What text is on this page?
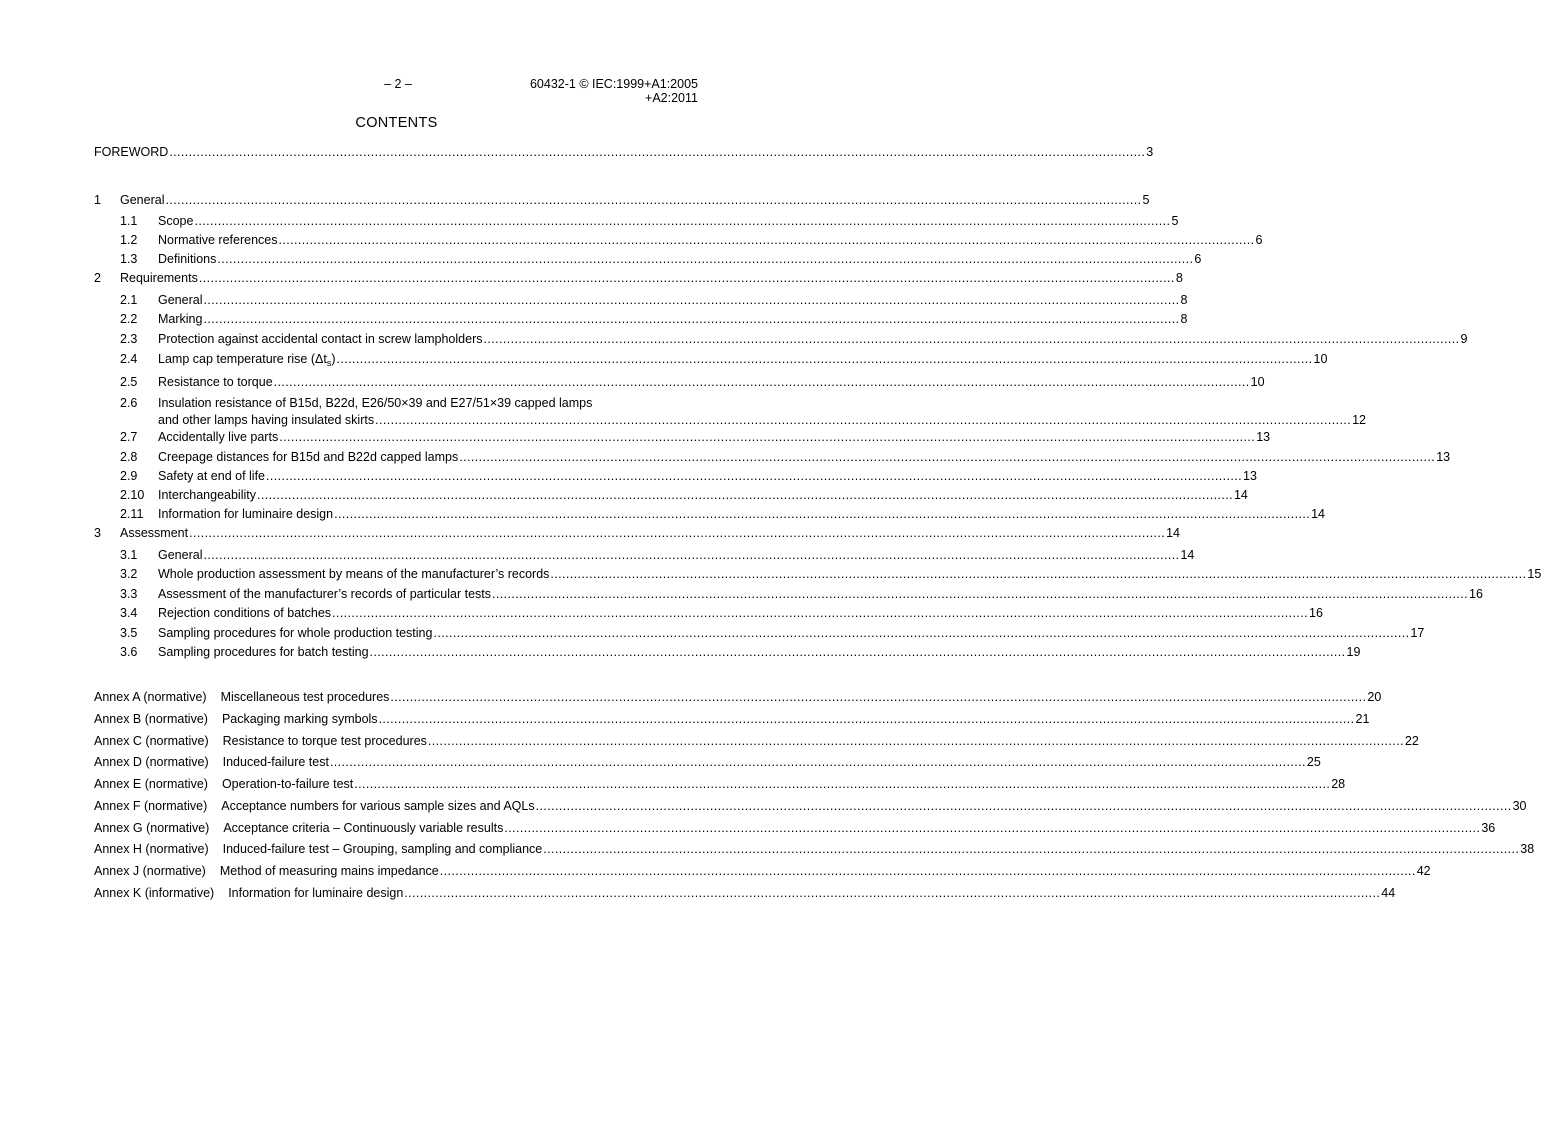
– 2 –	60432-1 © IEC:1999+A1:2005
+A2:2011
CONTENTS
FOREWORD .....	3
1	General .....	5
1.1	Scope .....	5
1.2	Normative references .....	6
1.3	Definitions .....	6
2	Requirements .....	8
2.1	General .....	8
2.2	Marking .....	8
2.3	Protection against accidental contact in screw lampholders .....	9
2.4	Lamp cap temperature rise $(\Delta t_s)$ .....	10
2.5	Resistance to torque .....	10
2.6	Insulation resistance of B15d, B22d, E26/50×39 and E27/51×39 capped lamps
and other lamps having insulated skirts .....	12
2.7	Accidentally live parts .....	13
2.8	Creepage distances for B15d and B22d capped lamps .....	13
2.9	Safety at end of life .....	13
2.10	Interchangeability .....	14
2.11	Information for luminaire design .....	14
3	Assessment .....	14
3.1	General .....	14
3.2	Whole production assessment by means of the manufacturer’s records .....	15
3.3	Assessment of the manufacturer’s records of particular tests .....	16
3.4	Rejection conditions of batches .....	16
3.5	Sampling procedures for whole production testing .....	17
3.6	Sampling procedures for batch testing .....	19
Annex A (normative) Miscellaneous test procedures .....	20
Annex B (normative) Packaging marking symbols .....	21
Annex C (normative) Resistance to torque test procedures .....	22
Annex D (normative) Induced-failure test .....	25
Annex E (normative) Operation-to-failure test .....	28
Annex F (normative) Acceptance numbers for various sample sizes and AQLs .....	30
Annex G (normative) Acceptance criteria – Continuously variable results .....	36
Annex H (normative) Induced-failure test – Grouping, sampling and compliance .....	38
Annex J (normative) Method of measuring mains impedance .....	42
Annex K (informative) Information for luminaire design .....	44
